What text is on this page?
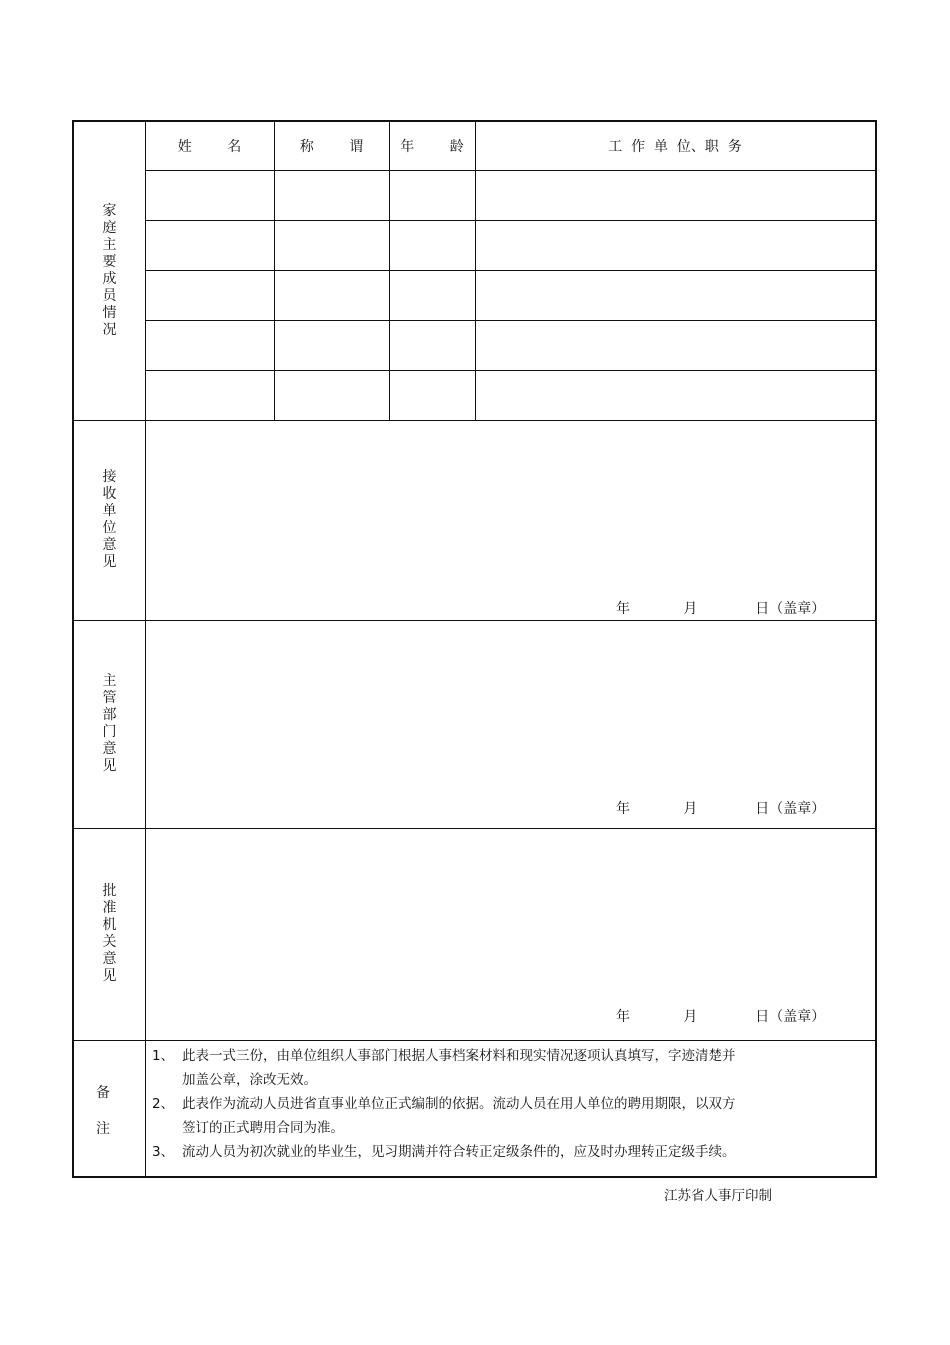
家
庭
主
要
成
员
情
况
姓        名	称        谓	年        龄	工  作  单  位、职  务
接
收
单
位
意
见
年            月             日（盖章）
主
管
部
门
意
见
年            月             日（盖章）
批
准
机
关
意
见
年            月             日（盖章）
备
注
1、 此表一式三份，由单位组织人事部门根据人事档案材料和现实情况逐项认真填写，字迹清楚并
加盖公章，涂改无效。
2、 此表作为流动人员进省直事业单位正式编制的依据。流动人员在用人单位的聘用期限，以双方
签订的正式聘用合同为准。
3、 流动人员为初次就业的毕业生，见习期满并符合转正定级条件的，应及时办理转正定级手续。
江苏省人事厅印制
